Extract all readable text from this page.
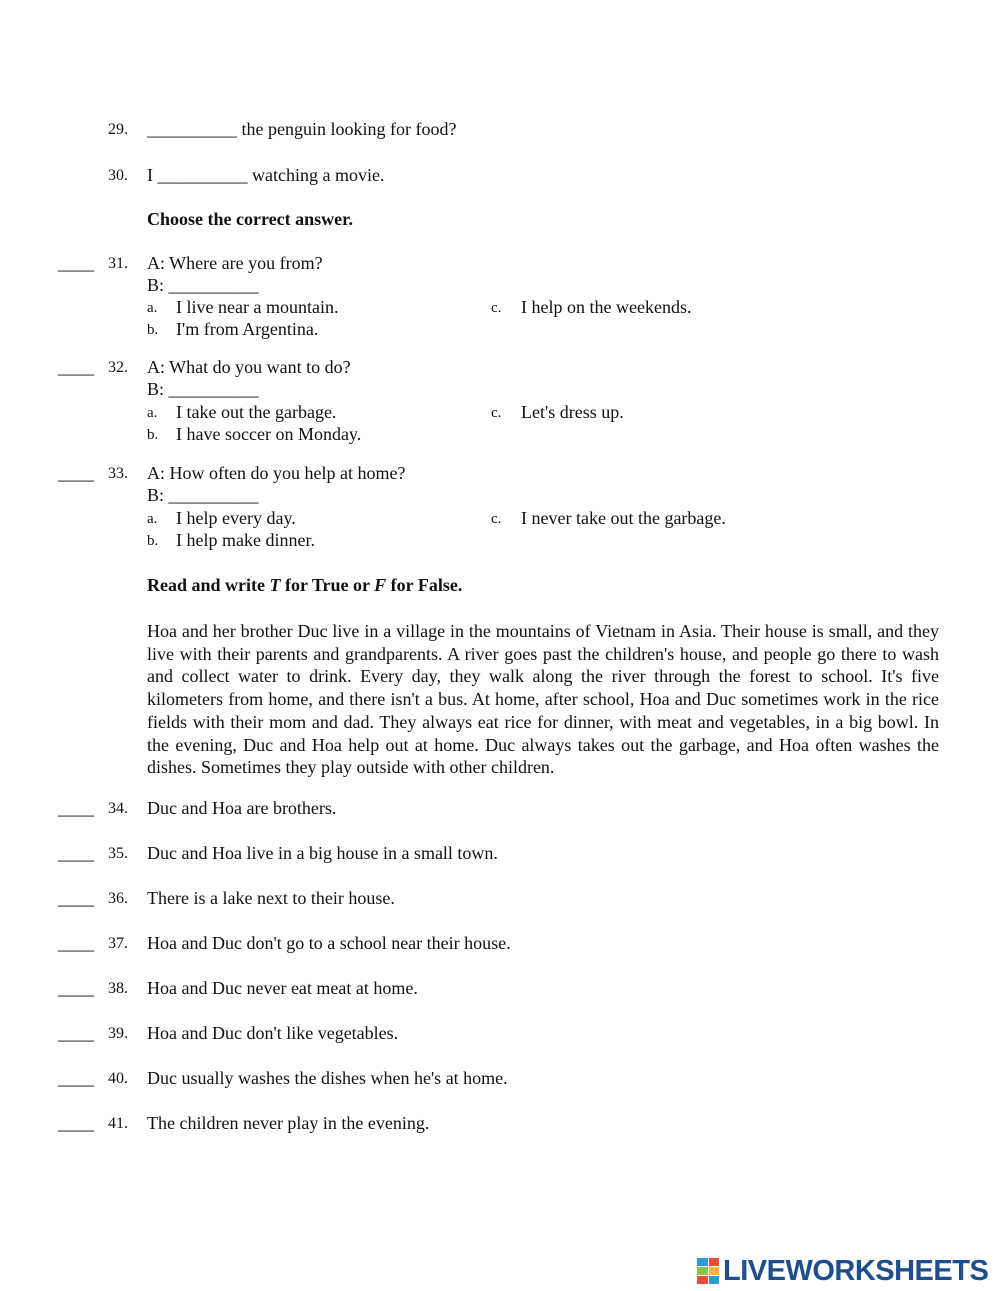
29. __________ the penguin looking for food?
30. I __________ watching a movie.
Choose the correct answer.
____ 31. A: Where are you from?
B: __________
a. I live near a mountain.	c. I help on the weekends.
b. I'm from Argentina.
____ 32. A: What do you want to do?
B: __________
a. I take out the garbage.	c. Let's dress up.
b. I have soccer on Monday.
____ 33. A: How often do you help at home?
B: __________
a. I help every day.	c. I never take out the garbage.
b. I help make dinner.
Read and write T for True or F for False.
Hoa and her brother Duc live in a village in the mountains of Vietnam in Asia. Their house is small, and they live with their parents and grandparents. A river goes past the children's house, and people go there to wash and collect water to drink. Every day, they walk along the river through the forest to school. It's five kilometers from home, and there isn't a bus. At home, after school, Hoa and Duc sometimes work in the rice fields with their mom and dad. They always eat rice for dinner, with meat and vegetables, in a big bowl. In the evening, Duc and Hoa help out at home. Duc always takes out the garbage, and Hoa often washes the dishes. Sometimes they play outside with other children.
____ 34. Duc and Hoa are brothers.
____ 35. Duc and Hoa live in a big house in a small town.
____ 36. There is a lake next to their house.
____ 37. Hoa and Duc don't go to a school near their house.
____ 38. Hoa and Duc never eat meat at home.
____ 39. Hoa and Duc don't like vegetables.
____ 40. Duc usually washes the dishes when he's at home.
____ 41. The children never play in the evening.
LIVEWORKSHEETS
